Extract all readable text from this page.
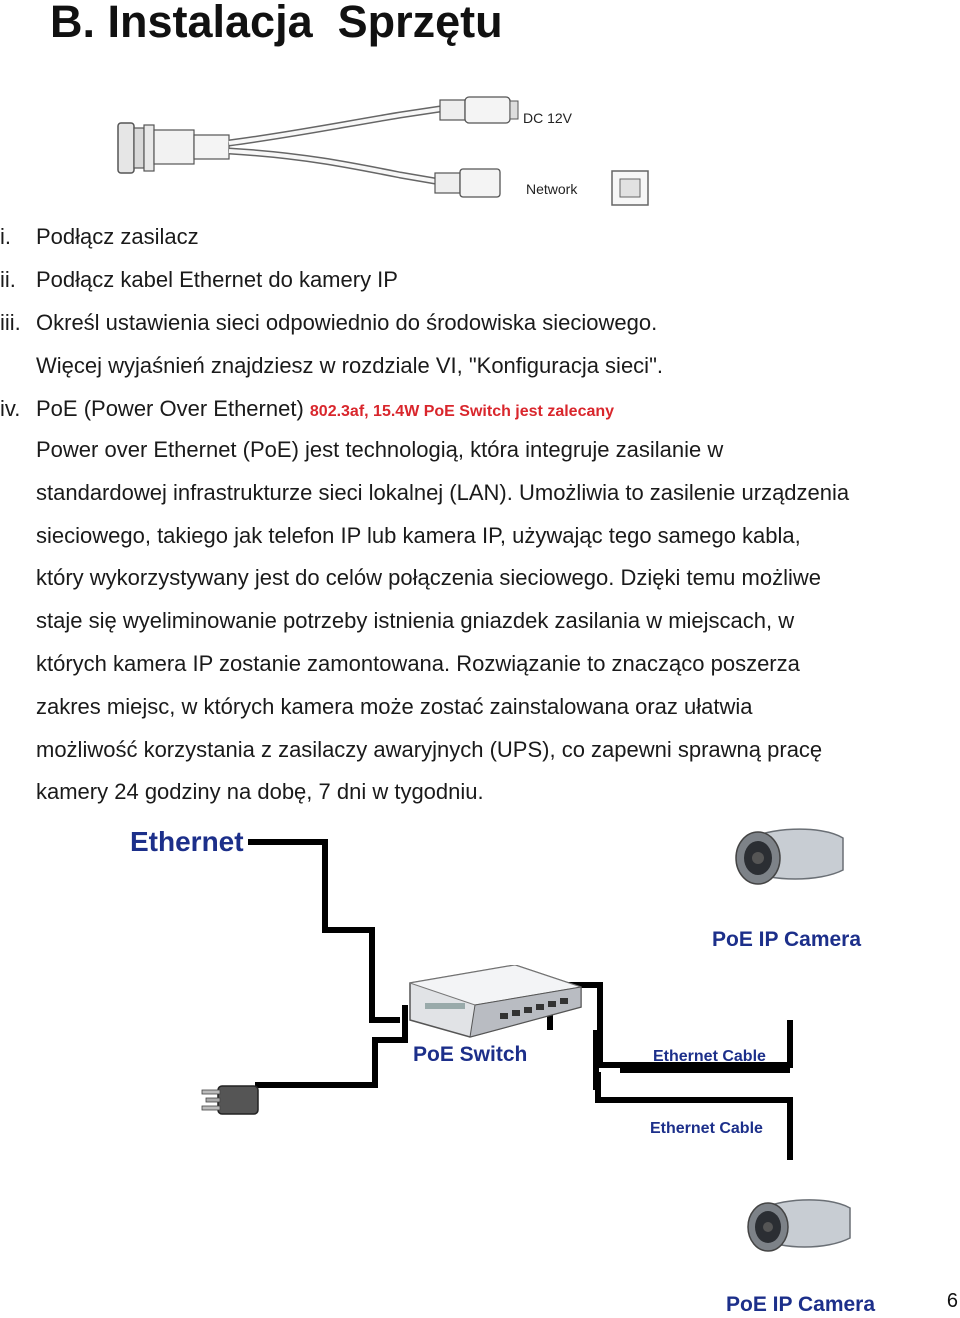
B. Instalacja  Sprzętu
DC 12V
Network
i. Podłącz zasilacz
ii. Podłącz kabel Ethernet do kamery IP
iii. Określ ustawienia sieci odpowiednio do środowiska sieciowego.
Więcej wyjaśnień znajdziesz w rozdziale VI, "Konfiguracja sieci".
iv. PoE (Power Over Ethernet) 802.3af, 15.4W PoE Switch jest zalecany
Power over Ethernet (PoE) jest technologią, która integruje zasilanie w
standardowej infrastrukturze sieci lokalnej (LAN). Umożliwia to zasilenie urządzenia
sieciowego, takiego jak telefon IP lub kamera IP, używając tego samego kabla,
który wykorzystywany jest do celów połączenia sieciowego. Dzięki temu możliwe
staje się wyeliminowanie potrzeby istnienia gniazdek zasilania w miejscach, w
których kamera IP zostanie zamontowana. Rozwiązanie to znacząco poszerza
zakres miejsc, w których kamera może zostać zainstalowana oraz ułatwia
możliwość korzystania z zasilaczy awaryjnych (UPS), co zapewni sprawną pracę
kamery 24 godziny na dobę, 7 dni w tygodniu.
Ethernet
PoE IP Camera
PoE Switch	Ethernet Cable
Ethernet Cable
PoE IP Camera	6
